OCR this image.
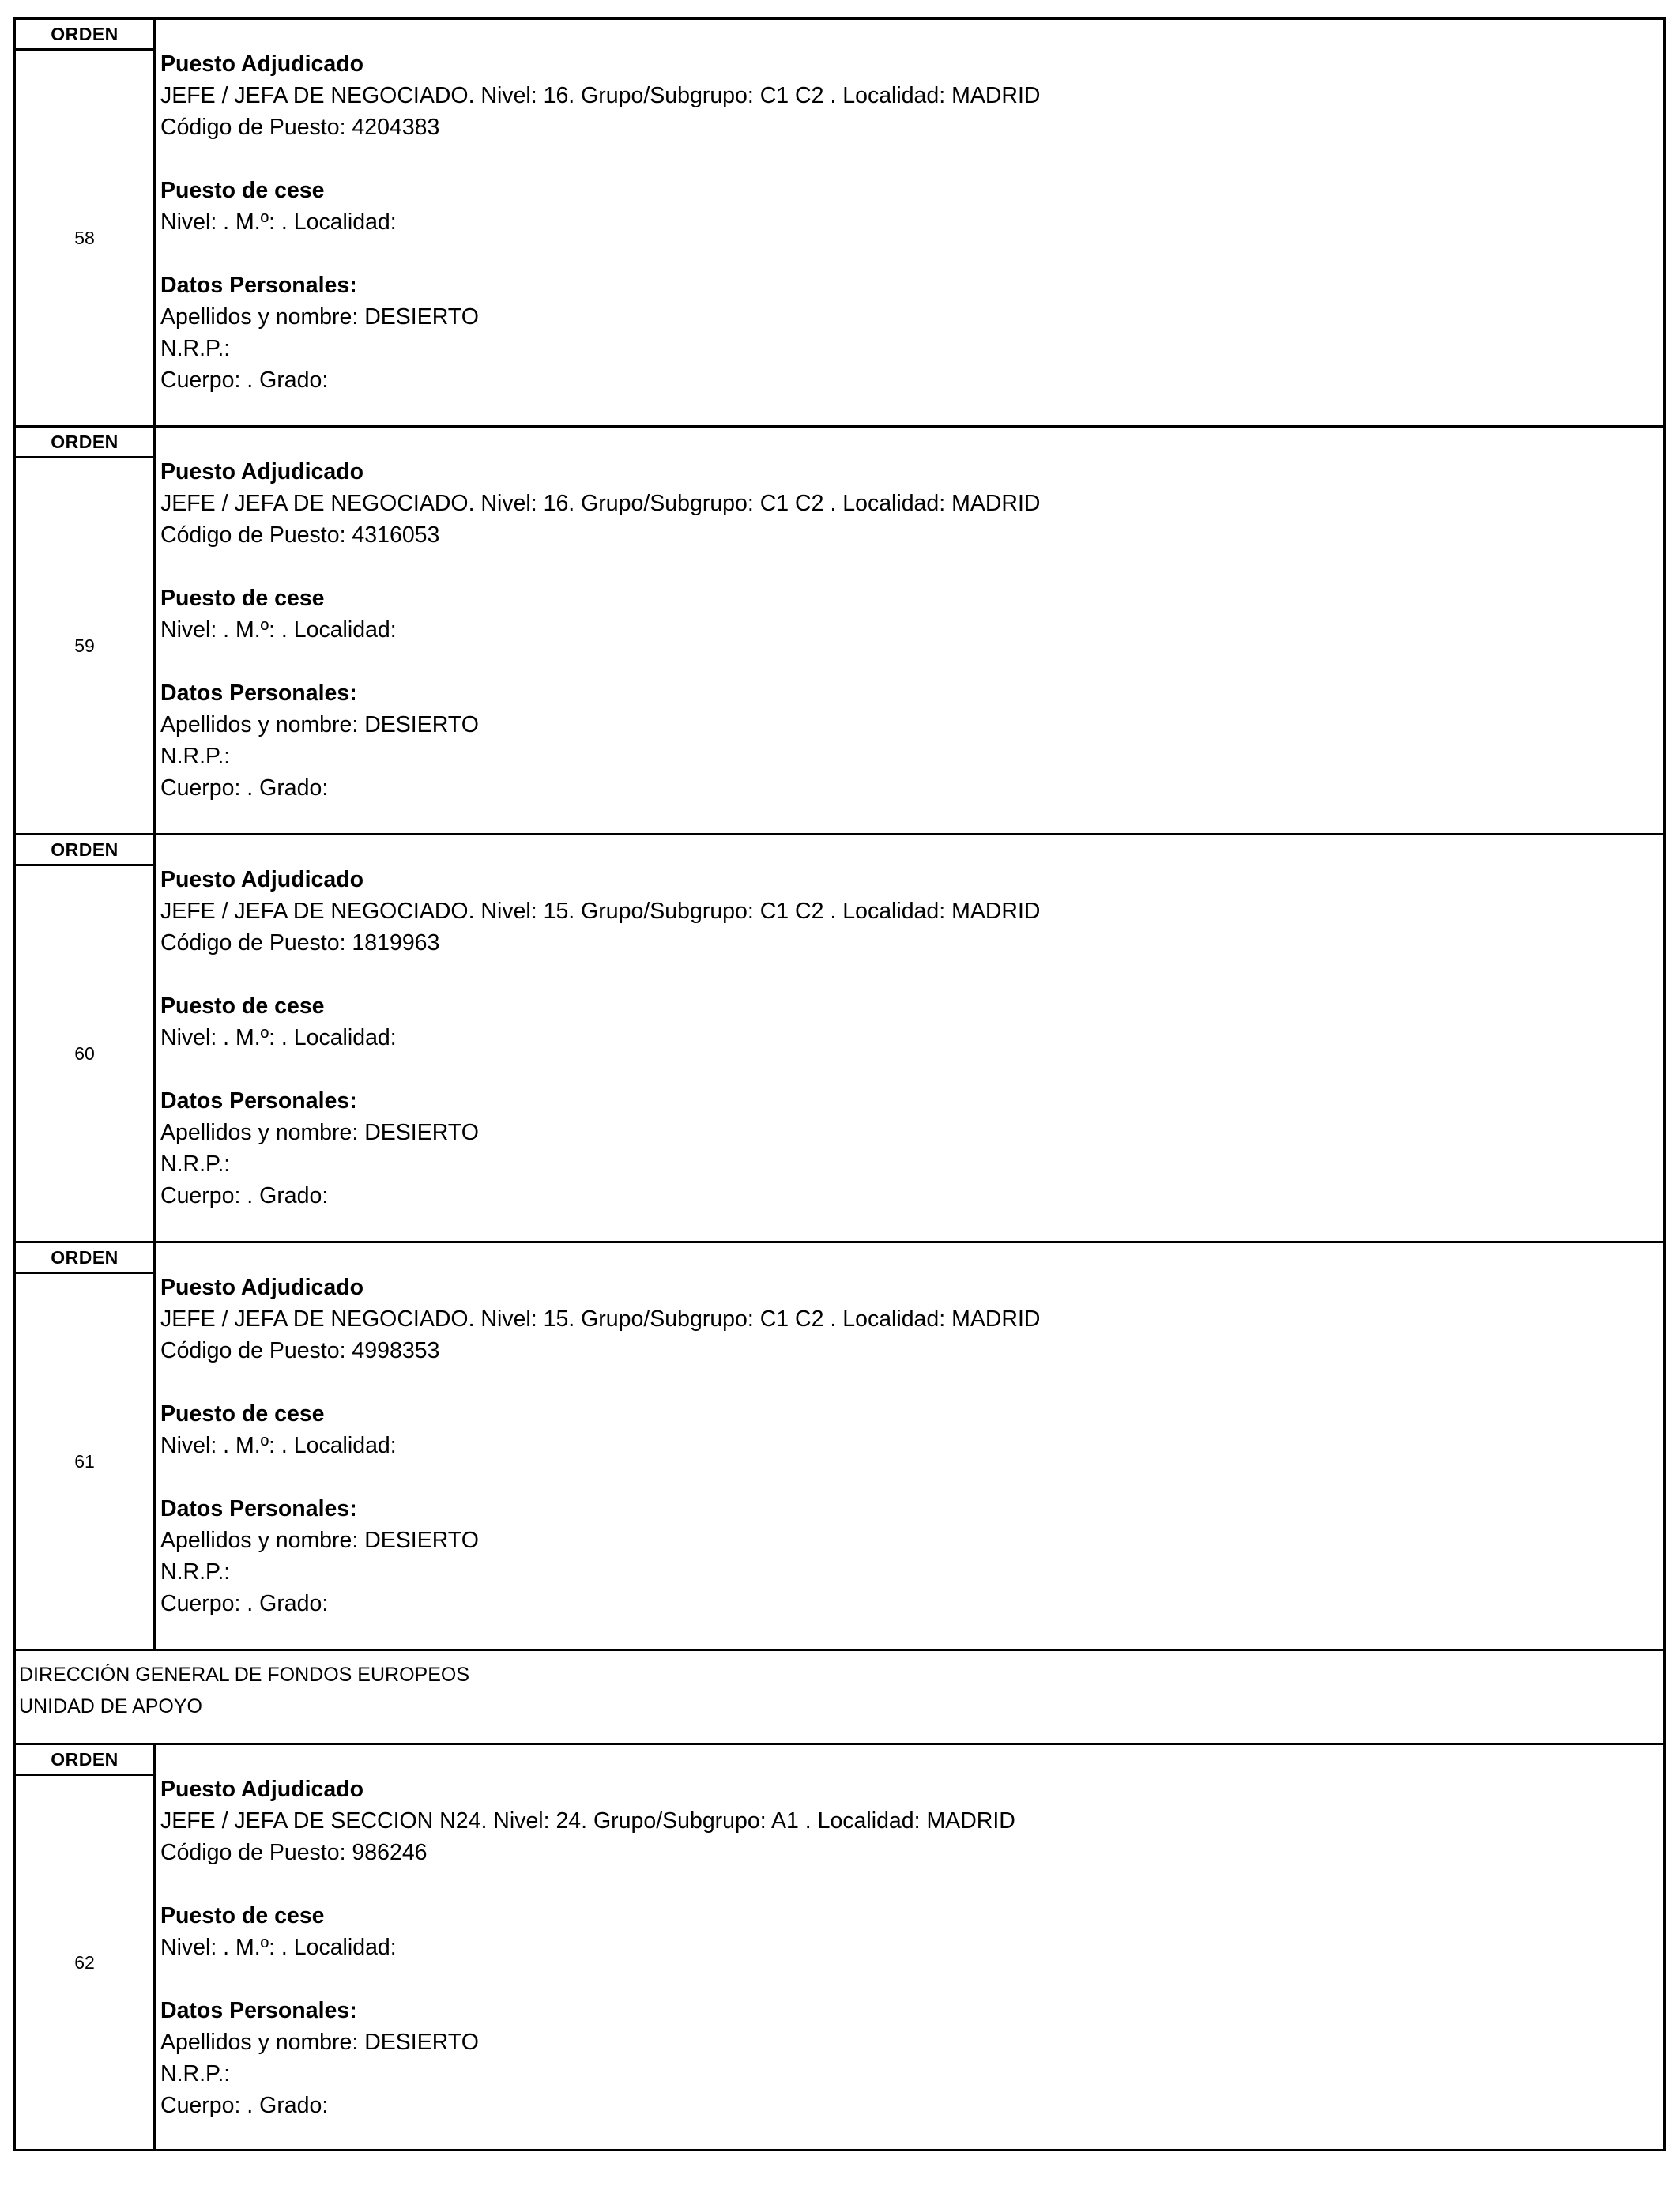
ORDEN
58
Puesto Adjudicado
JEFE / JEFA DE NEGOCIADO. Nivel: 16. Grupo/Subgrupo: C1 C2 . Localidad: MADRID
Código de Puesto: 4204383
Puesto de cese
Nivel: . M.º: . Localidad:
Datos Personales:
Apellidos y nombre: DESIERTO
N.R.P.:
Cuerpo: . Grado:
ORDEN
59
Puesto Adjudicado
JEFE / JEFA DE NEGOCIADO. Nivel: 16. Grupo/Subgrupo: C1 C2 . Localidad: MADRID
Código de Puesto: 4316053
Puesto de cese
Nivel: . M.º: . Localidad:
Datos Personales:
Apellidos y nombre: DESIERTO
N.R.P.:
Cuerpo: . Grado:
ORDEN
60
Puesto Adjudicado
JEFE / JEFA DE NEGOCIADO. Nivel: 15. Grupo/Subgrupo: C1 C2 . Localidad: MADRID
Código de Puesto: 1819963
Puesto de cese
Nivel: . M.º: . Localidad:
Datos Personales:
Apellidos y nombre: DESIERTO
N.R.P.:
Cuerpo: . Grado:
ORDEN
61
Puesto Adjudicado
JEFE / JEFA DE NEGOCIADO. Nivel: 15. Grupo/Subgrupo: C1 C2 . Localidad: MADRID
Código de Puesto: 4998353
Puesto de cese
Nivel: . M.º: . Localidad:
Datos Personales:
Apellidos y nombre: DESIERTO
N.R.P.:
Cuerpo: . Grado:
DIRECCIÓN GENERAL DE FONDOS EUROPEOS
UNIDAD DE APOYO
ORDEN
62
Puesto Adjudicado
JEFE / JEFA DE SECCION N24. Nivel: 24. Grupo/Subgrupo: A1 . Localidad: MADRID
Código de Puesto: 986246
Puesto de cese
Nivel: . M.º: . Localidad:
Datos Personales:
Apellidos y nombre: DESIERTO
N.R.P.:
Cuerpo: . Grado:
